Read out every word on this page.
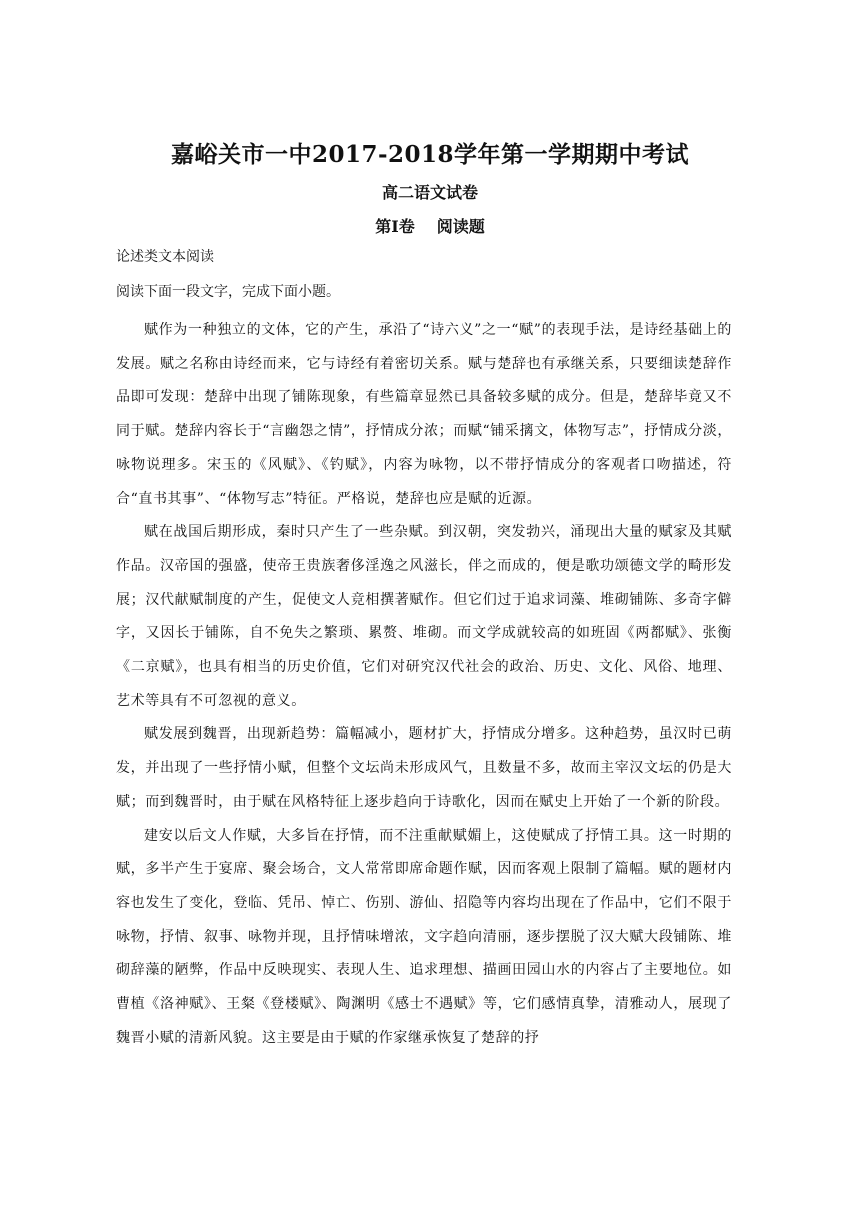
嘉峪关市一中2017-2018学年第一学期期中考试
高二语文试卷
第Ⅰ卷 阅读题
论述类文本阅读
阅读下面一段文字，完成下面小题。

赋作为一种独立的文体，它的产生，承沿了“诗六义”之一“赋”的表现手法，是诗经基础上的发展。赋之名称由诗经而来，它与诗经有着密切关系。赋与楚辞也有承继关系，只要细读楚辞作品即可发现：楚辞中出现了铺陈现象，有些篇章显然已具备较多赋的成分。但是，楚辞毕竟又不同于赋。楚辞内容长于“言幽怨之情”，抒情成分浓；而赋“铺采摛文，体物写志”，抒情成分淡，咏物说理多。宋玉的《风赋》、《钓赋》，内容为咏物，以不带抒情成分的客观者口吻描述，符合“直书其事”、“体物写志”特征。严格说，楚辞也应是赋的近源。

赋在战国后期形成，秦时只产生了一些杂赋。到汉朝，突发勃兴，涌现出大量的赋家及其赋作品。汉帝国的强盛，使帝王贵族奢侈淫逸之风滋长，伴之而成的，便是歌功颂德文学的畸形发展；汉代献赋制度的产生，促使文人竞相撰著赋作。但它们过于追求词藻、堆砌铺陈、多奇字僻字，又因长于铺陈，自不免失之繁琐、累赘、堆砌。而文学成就较高的如班固《两都赋》、张衡《二京赋》，也具有相当的历史价值，它们对研究汉代社会的政治、历史、文化、风俗、地理、艺术等具有不可忽视的意义。

赋发展到魏晋，出现新趋势：篇幅减小，题材扩大，抒情成分增多。这种趋势，虽汉时已萌发，并出现了一些抒情小赋，但整个文坛尚未形成风气，且数量不多，故而主宰汉文坛的仍是大赋；而到魏晋时，由于赋在风格特征上逐步趋向于诗歌化，因而在赋史上开始了一个新的阶段。

建安以后文人作赋，大多旨在抒情，而不注重献赋媚上，这使赋成了抒情工具。这一时期的赋，多半产生于宴席、聚会场合，文人常常即席命题作赋，因而客观上限制了篇幅。赋的题材内容也发生了变化，登临、凭吊、悼亡、伤别、游仙、招隐等内容均出现在了作品中，它们不限于咏物，抒情、叙事、咏物并现，且抒情味增浓，文字趋向清丽，逐步摆脱了汉大赋大段铺陈、堆砌辞藻的陋弊，作品中反映现实、表现人生、追求理想、描画田园山水的内容占了主要地位。如曹植《洛神赋》、王粲《登楼赋》、陶渊明《感士不遇赋》等，它们感情真挚，清雅动人，展现了魏晋小赋的清新风貌。这主要是由于赋的作家继承恢复了楚辞的抒
